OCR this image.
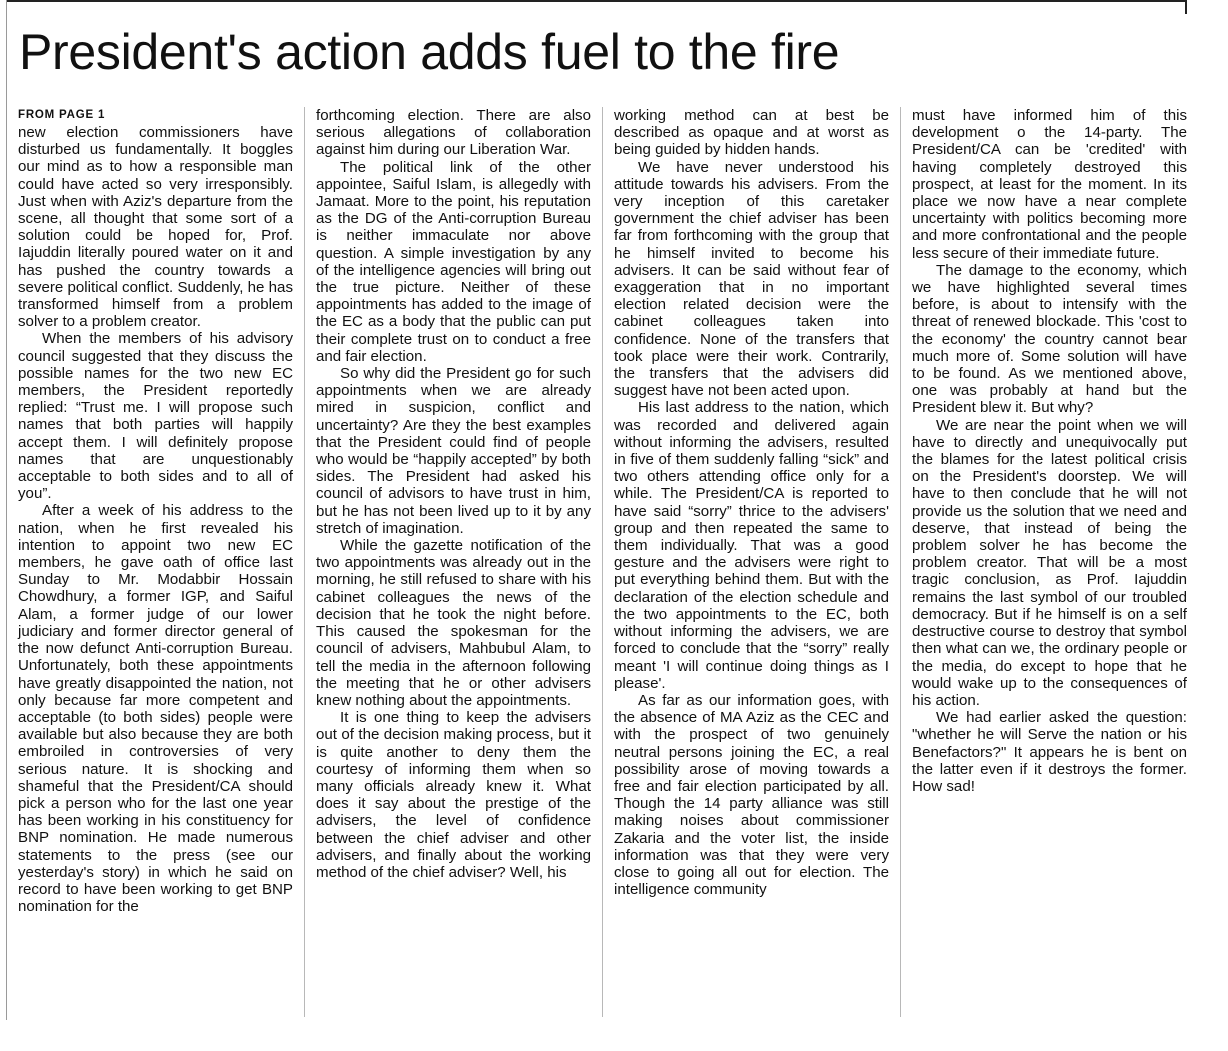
President's action adds fuel to the fire
FROM PAGE 1

new election commissioners have disturbed us fundamentally. It boggles our mind as to how a responsible man could have acted so very irresponsibly. Just when with Aziz's departure from the scene, all thought that some sort of a solution could be hoped for, Prof. Iajuddin literally poured water on it and has pushed the country towards a severe political conflict. Suddenly, he has transformed himself from a problem solver to a problem creator.

When the members of his advisory council suggested that they discuss the possible names for the two new EC members, the President reportedly replied: “Trust me. I will propose such names that both parties will happily accept them. I will definitely propose names that are unquestionably acceptable to both sides and to all of you”.

After a week of his address to the nation, when he first revealed his intention to appoint two new EC members, he gave oath of office last Sunday to Mr. Modabbir Hossain Chowdhury, a former IGP, and Saiful Alam, a former judge of our lower judiciary and former director general of the now defunct Anti-corruption Bureau. Unfortunately, both these appointments have greatly disappointed the nation, not only because far more competent and acceptable (to both sides) people were available but also because they are both embroiled in controversies of very serious nature. It is shocking and shameful that the President/CA should pick a person who for the last one year has been working in his constituency for BNP nomination. He made numerous statements to the press (see our yesterday's story) in which he said on record to have been working to get BNP nomination for the

forthcoming election. There are also serious allegations of collaboration against him during our Liberation War.

The political link of the other appointee, Saiful Islam, is allegedly with Jamaat. More to the point, his reputation as the DG of the Anti-corruption Bureau is neither immaculate nor above question. A simple investigation by any of the intelligence agencies will bring out the true picture. Neither of these appointments has added to the image of the EC as a body that the public can put their complete trust on to conduct a free and fair election.

So why did the President go for such appointments when we are already mired in suspicion, conflict and uncertainty? Are they the best examples that the President could find of people who would be “happily accepted” by both sides. The President had asked his council of advisors to have trust in him, but he has not been lived up to it by any stretch of imagination.

While the gazette notification of the two appointments was already out in the morning, he still refused to share with his cabinet colleagues the news of the decision that he took the night before. This caused the spokesman for the council of advisers, Mahbubul Alam, to tell the media in the afternoon following the meeting that he or other advisers knew nothing about the appointments.

It is one thing to keep the advisers out of the decision making process, but it is quite another to deny them the courtesy of informing them when so many officials already knew it. What does it say about the prestige of the advisers, the level of confidence between the chief adviser and other advisers, and finally about the working method of the chief adviser? Well, his

working method can at best be described as opaque and at worst as being guided by hidden hands.

We have never understood his attitude towards his advisers. From the very inception of this caretaker government the chief adviser has been far from forthcoming with the group that he himself invited to become his advisers. It can be said without fear of exaggeration that in no important election related decision were the cabinet colleagues taken into confidence. None of the transfers that took place were their work. Contrarily, the transfers that the advisers did suggest have not been acted upon.

His last address to the nation, which was recorded and delivered again without informing the advisers, resulted in five of them suddenly falling “sick” and two others attending office only for a while. The President/CA is reported to have said “sorry” thrice to the advisers' group and then repeated the same to them individually. That was a good gesture and the advisers were right to put everything behind them. But with the declaration of the election schedule and the two appointments to the EC, both without informing the advisers, we are forced to conclude that the “sorry” really meant 'I will continue doing things as I please'.

As far as our information goes, with the absence of MA Aziz as the CEC and with the prospect of two genuinely neutral persons joining the EC, a real possibility arose of moving towards a free and fair election participated by all. Though the 14 party alliance was still making noises about commissioner Zakaria and the voter list, the inside information was that they were very close to going all out for election. The intelligence community

must have informed him of this development o the 14-party. The President/CA can be 'credited' with having completely destroyed this prospect, at least for the moment. In its place we now have a near complete uncertainty with politics becoming more and more confrontational and the people less secure of their immediate future.

The damage to the economy, which we have highlighted several times before, is about to intensify with the threat of renewed blockade. This 'cost to the economy' the country cannot bear much more of. Some solution will have to be found. As we mentioned above, one was probably at hand but the President blew it. But why?

We are near the point when we will have to directly and unequivocally put the blames for the latest political crisis on the President's doorstep. We will have to then conclude that he will not provide us the solution that we need and deserve, that instead of being the problem solver he has become the problem creator. That will be a most tragic conclusion, as Prof. Iajuddin remains the last symbol of our troubled democracy. But if he himself is on a self destructive course to destroy that symbol then what can we, the ordinary people or the media, do except to hope that he would wake up to the consequences of his action.

We had earlier asked the question: "whether he will Serve the nation or his Benefactors?" It appears he is bent on the latter even if it destroys the former. How sad!
